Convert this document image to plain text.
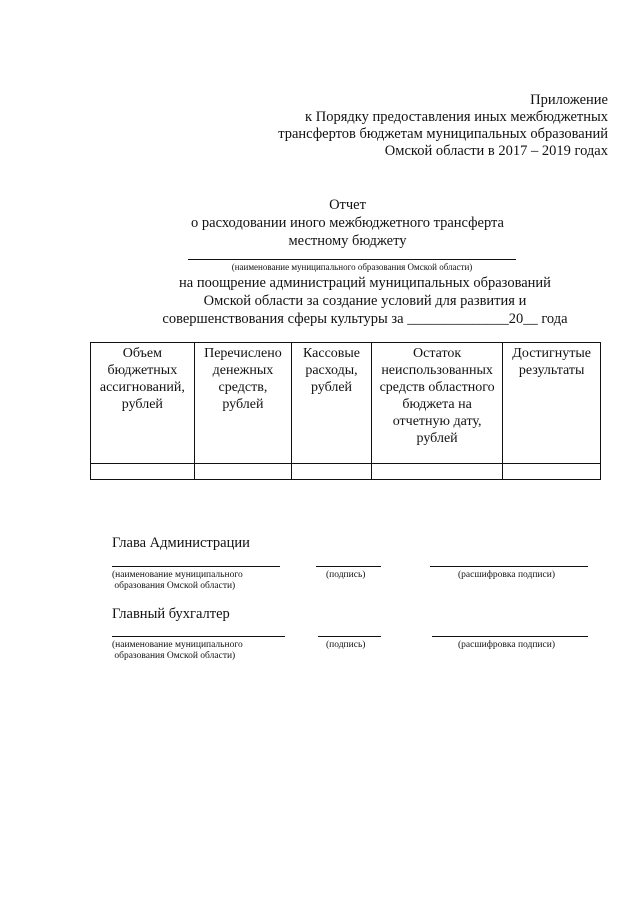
Приложение
к Порядку предоставления иных межбюджетных
трансфертов бюджетам муниципальных образований
Омской области в 2017 – 2019 годах
Отчет
о расходовании иного межбюджетного трансферта
местному бюджету
(наименование муниципального образования Омской области)
на поощрение администраций муниципальных образований
Омской области за создание условий для развития и
совершенствования сферы культуры за ______________20__ года
Объем бюджетных ассигнований, рублей	Перечислено денежных средств, рублей	Кассовые расходы, рублей	Остаток неиспользованных средств областного бюджета на отчетную дату, рублей	Достигнутые результаты

Глава Администрации
(наименование муниципального
образования Омской области)
(подпись)	(расшифровка подписи)
Главный бухгалтер
(наименование муниципального
образования Омской области)
(подпись)	(расшифровка подписи)
